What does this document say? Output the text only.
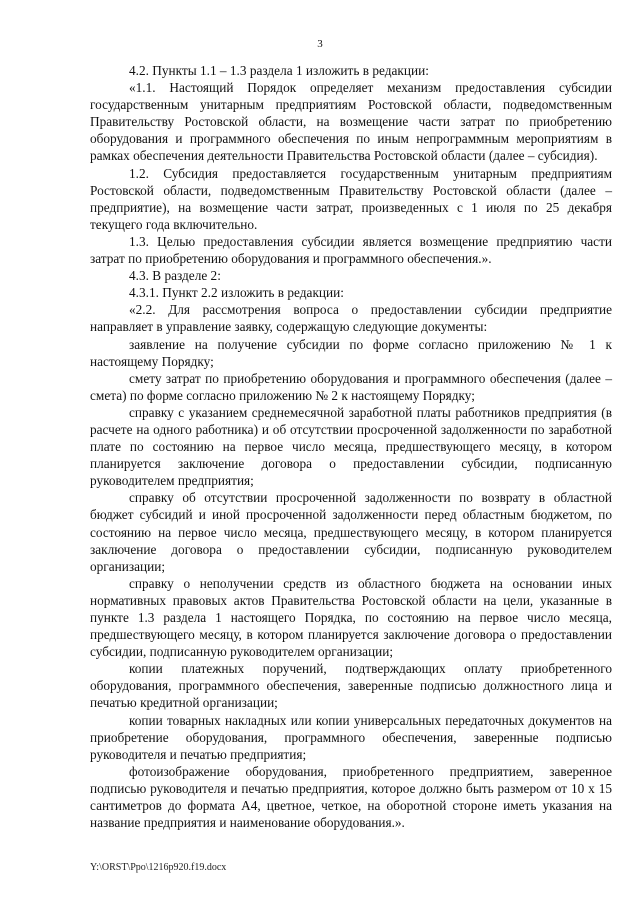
3

4.2. Пункты 1.1 – 1.3 раздела 1 изложить в редакции:

«1.1. Настоящий Порядок определяет механизм предоставления субсидии государственным унитарным предприятиям Ростовской области, подведомственным Правительству Ростовской области, на возмещение части затрат по приобретению оборудования и программного обеспечения по иным непрограммным мероприятиям в рамках обеспечения деятельности Правительства Ростовской области (далее – субсидия).

1.2. Субсидия предоставляется государственным унитарным предприятиям Ростовской области, подведомственным Правительству Ростовской области (далее – предприятие), на возмещение части затрат, произведенных с 1 июля по 25 декабря текущего года включительно.

1.3. Целью предоставления субсидии является возмещение предприятию части затрат по приобретению оборудования и программного обеспечения.».

4.3. В разделе 2:

4.3.1. Пункт 2.2 изложить в редакции:

«2.2. Для рассмотрения вопроса о предоставлении субсидии предприятие направляет в управление заявку, содержащую следующие документы:

заявление на получение субсидии по форме согласно приложению № 1 к настоящему Порядку;

смету затрат по приобретению оборудования и программного обеспечения (далее – смета) по форме согласно приложению № 2 к настоящему Порядку;

справку с указанием среднемесячной заработной платы работников предприятия (в расчете на одного работника) и об отсутствии просроченной задолженности по заработной плате по состоянию на первое число месяца, предшествующего месяцу, в котором планируется заключение договора о предоставлении субсидии, подписанную руководителем предприятия;

справку об отсутствии просроченной задолженности по возврату в областной бюджет субсидий и иной просроченной задолженности перед областным бюджетом, по состоянию на первое число месяца, предшествующего месяцу, в котором планируется заключение договора о предоставлении субсидии, подписанную руководителем организации;

справку о неполучении средств из областного бюджета на основании иных нормативных правовых актов Правительства Ростовской области на цели, указанные в пункте 1.3 раздела 1 настоящего Порядка, по состоянию на первое число месяца, предшествующего месяцу, в котором планируется заключение договора о предоставлении субсидии, подписанную руководителем организации;

копии платежных поручений, подтверждающих оплату приобретенного оборудования, программного обеспечения, заверенные подписью должностного лица и печатью кредитной организации;

копии товарных накладных или копии универсальных передаточных документов на приобретение оборудования, программного обеспечения, заверенные подписью руководителя и печатью предприятия;

фотоизображение оборудования, приобретенного предприятием, заверенное подписью руководителя и печатью предприятия, которое должно быть размером от 10 х 15 сантиметров до формата А4, цветное, четкое, на оборотной стороне иметь указания на название предприятия и наименование оборудования.».

Y:\ORST\Ppo\1216p920.f19.docx
